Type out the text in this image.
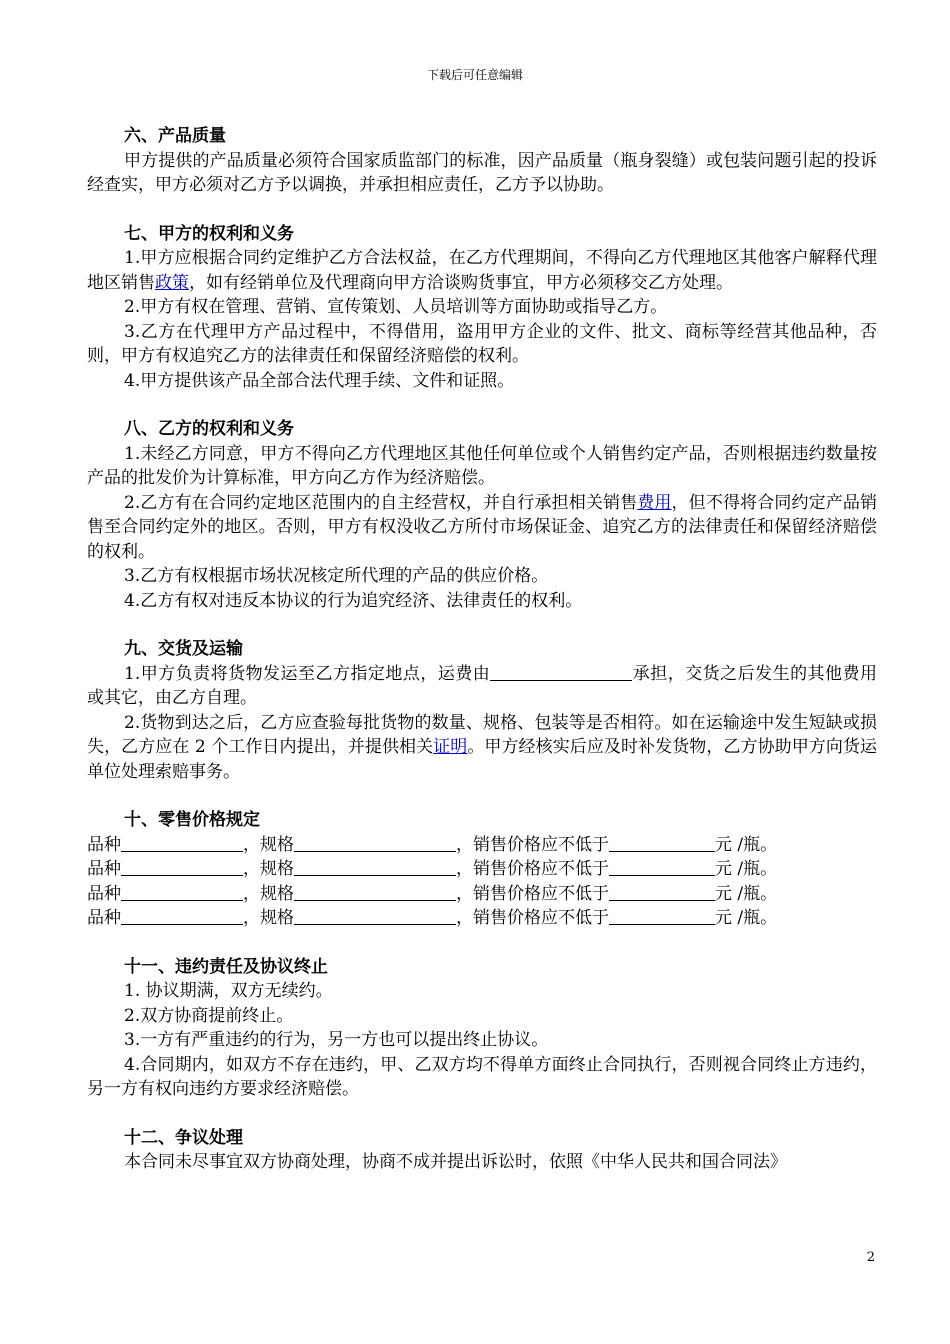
下载后可任意编辑
六、产品质量
甲方提供的产品质量必须符合国家质监部门的标准，因产品质量（瓶身裂缝）或包装问题引起的投诉经查实，甲方必须对乙方予以调换，并承担相应责任，乙方予以协助。
七、甲方的权利和义务
1.甲方应根据合同约定维护乙方合法权益，在乙方代理期间，不得向乙方代理地区其他客户解释代理地区销售政策，如有经销单位及代理商向甲方洽谈购货事宜，甲方必须移交乙方处理。
2.甲方有权在管理、营销、宣传策划、人员培训等方面协助或指导乙方。
3.乙方在代理甲方产品过程中，不得借用，盗用甲方企业的文件、批文、商标等经营其他品种，否则，甲方有权追究乙方的法律责任和保留经济赔偿的权利。
4.甲方提供该产品全部合法代理手续、文件和证照。
八、乙方的权利和义务
1.未经乙方同意，甲方不得向乙方代理地区其他任何单位或个人销售约定产品，否则根据违约数量按产品的批发价为计算标准，甲方向乙方作为经济赔偿。
2.乙方有在合同约定地区范围内的自主经营权，并自行承担相关销售费用，但不得将合同约定产品销售至合同约定外的地区。否则，甲方有权没收乙方所付市场保证金、追究乙方的法律责任和保留经济赔偿的权利。
3.乙方有权根据市场状况核定所代理的产品的供应价格。
4.乙方有权对违反本协议的行为追究经济、法律责任的权利。
九、交货及运输
1.甲方负责将货物发运至乙方指定地点，运费由	承担，交货之后发生的其他费用或其它，由乙方自理。
2.货物到达之后，乙方应查验每批货物的数量、规格、包装等是否相符。如在运输途中发生短缺或损失，乙方应在 2 个工作日内提出，并提供相关证明。甲方经核实后应及时补发货物，乙方协助甲方向货运单位处理索赔事务。
十、零售价格规定
品种	，规格	，销售价格应不低于	元 /瓶。
品种	，规格	，销售价格应不低于	元 /瓶。
品种	，规格	，销售价格应不低于	元 /瓶。
品种	，规格	，销售价格应不低于	元 /瓶。
十一、违约责任及协议终止
1. 协议期满，双方无续约。
2.双方协商提前终止。
3.一方有严重违约的行为，另一方也可以提出终止协议。
4.合同期内，如双方不存在违约，甲、乙双方均不得单方面终止合同执行，否则视合同终止方违约，另一方有权向违约方要求经济赔偿。
十二、争议处理
本合同未尽事宜双方协商处理，协商不成并提出诉讼时，依照《中华人民共和国合同法》
2
